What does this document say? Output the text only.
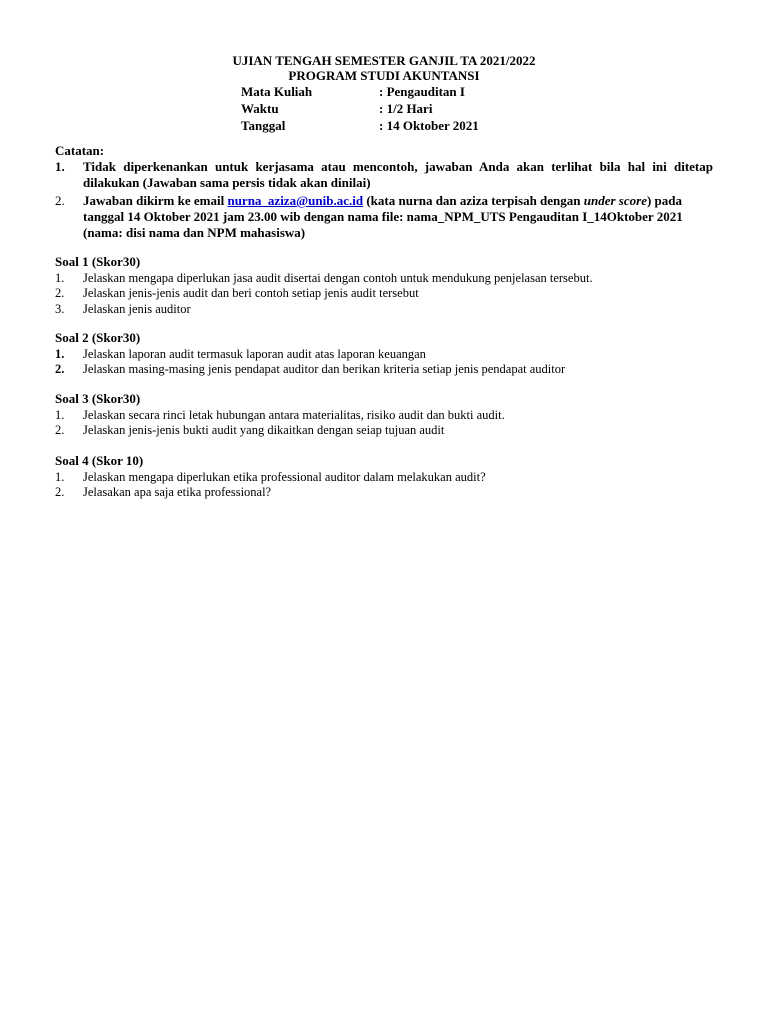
UJIAN TENGAH SEMESTER GANJIL TA 2021/2022
PROGRAM STUDI AKUNTANSI
Mata Kuliah	: Pengauditan I
Waktu	: 1/2 Hari
Tanggal	: 14 Oktober 2021
Catatan:
1.	Tidak diperkenankan untuk kerjasama atau mencontoh, jawaban Anda akan terlihat bila hal ini ditetap dilakukan (Jawaban sama persis tidak akan dinilai)
2.	Jawaban dikirm ke email nurna_aziza@unib.ac.id (kata nurna dan aziza terpisah dengan under score) pada tanggal 14 Oktober 2021 jam 23.00 wib dengan nama file: nama_NPM_UTS Pengauditan I_14Oktober 2021 (nama: disi nama dan NPM mahasiswa)
Soal 1 (Skor30)
1.	Jelaskan mengapa diperlukan jasa audit disertai dengan contoh untuk mendukung penjelasan tersebut.
2.	Jelaskan jenis-jenis audit dan beri contoh setiap jenis audit tersebut
3.	Jelaskan jenis auditor
Soal 2 (Skor30)
1.	Jelaskan laporan audit termasuk laporan audit atas laporan keuangan
2.	Jelaskan masing-masing jenis pendapat auditor dan berikan kriteria setiap jenis pendapat auditor
Soal 3 (Skor30)
1.	Jelaskan secara rinci letak hubungan antara materialitas, risiko audit dan bukti audit.
2.	Jelaskan jenis-jenis bukti audit yang dikaitkan dengan seiap tujuan audit
Soal 4 (Skor 10)
1.	Jelaskan mengapa diperlukan etika professional auditor dalam melakukan audit?
2.	Jelasakan apa saja etika professional?
